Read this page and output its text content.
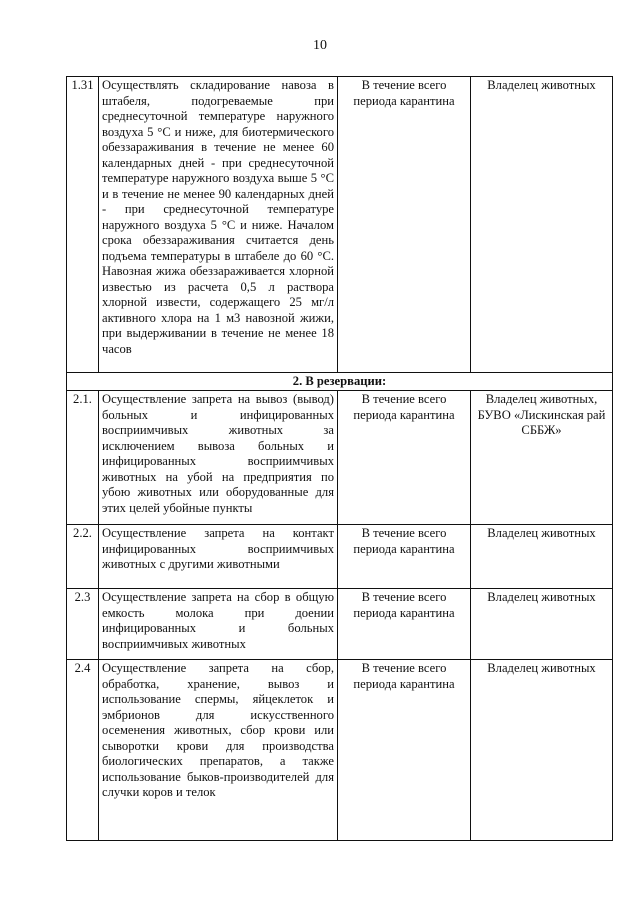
10
1.31	Осуществлять складирование навоза в штабеля, подогреваемые при среднесуточной температуре наружного воздуха 5 °С и ниже, для биотермического обеззараживания в течение не менее 60 календарных дней - при среднесуточной температуре наружного воздуха выше 5 °С и в течение не менее 90 календарных дней - при среднесуточной температуре наружного воздуха 5 °С и ниже. Началом срока обеззараживания считается день подъема температуры в штабеле до 60 °С. Навозная жижа обеззараживается хлорной известью из расчета 0,5 л раствора хлорной извести, содержащего 25 мг/л активного хлора на 1 м3 навозной жижи, при выдерживании в течение не менее 18 часов	В течение всего периода карантина	Владелец животных
2. В резервации:			
2.1.	Осуществление запрета на вывоз (вывод) больных и инфицированных восприимчивых животных за исключением вывоза больных и инфицированных восприимчивых животных на убой на предприятия по убою животных или оборудованные для этих целей убойные пункты	В течение всего периода карантина	Владелец животных, БУВО «Лискинская рай СББЖ»
2.2.	Осуществление запрета на контакт инфицированных восприимчивых животных с другими животными	В течение всего периода карантина	Владелец животных
2.3	Осуществление запрета на сбор в общую емкость молока при доении инфицированных и больных восприимчивых животных	В течение всего периода карантина	Владелец животных
2.4	Осуществление запрета на сбор, обработка, хранение, вывоз и использование спермы, яйцеклеток и эмбрионов для искусственного осеменения животных, сбор крови или сыворотки крови для производства биологических препаратов, а также использование быков-производителей для случки коров и телок	В течение всего периода карантина	Владелец животных
